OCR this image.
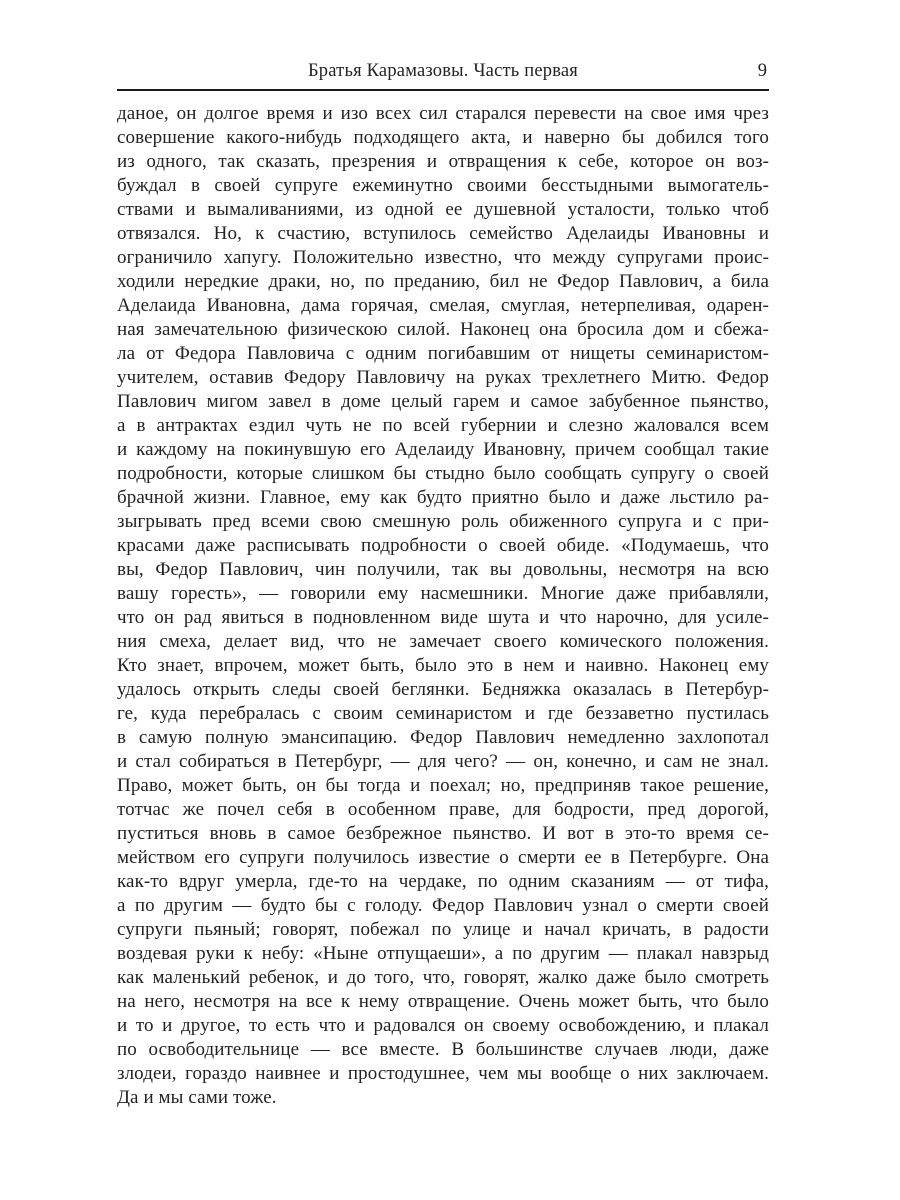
Братья Карамазовы. Часть первая	9
даное, он долгое время и изо всех сил старался перевести на свое имя чрез
совершение какого-нибудь подходящего акта, и наверно бы добился того
из одного, так сказать, презрения и отвращения к себе, которое он воз-
буждал в своей супруге ежеминутно своими бесстыдными вымогатель-
ствами и вымаливаниями, из одной ее душевной усталости, только чтоб
отвязался. Но, к счастию, вступилось семейство Аделаиды Ивановны и
ограничило хапугу. Положительно известно, что между супругами проис-
ходили нередкие драки, но, по преданию, бил не Федор Павлович, а била
Аделаида Ивановна, дама горячая, смелая, смуглая, нетерпеливая, одарен-
ная замечательною физическою силой. Наконец она бросила дом и сбежа-
ла от Федора Павловича с одним погибавшим от нищеты семинаристом-
учителем, оставив Федору Павловичу на руках трехлетнего Митю. Федор
Павлович мигом завел в доме целый гарем и самое забубенное пьянство,
а в антрактах ездил чуть не по всей губернии и слезно жаловался всем
и каждому на покинувшую его Аделаиду Ивановну, причем сообщал такие
подробности, которые слишком бы стыдно было сообщать супругу о своей
брачной жизни. Главное, ему как будто приятно было и даже льстило ра-
зыгрывать пред всеми свою смешную роль обиженного супруга и с при-
красами даже расписывать подробности о своей обиде. «Подумаешь, что
вы, Федор Павлович, чин получили, так вы довольны, несмотря на всю
вашу горесть», — говорили ему насмешники. Многие даже прибавляли,
что он рад явиться в подновленном виде шута и что нарочно, для усиле-
ния смеха, делает вид, что не замечает своего комического положения.
Кто знает, впрочем, может быть, было это в нем и наивно. Наконец ему
удалось открыть следы своей беглянки. Бедняжка оказалась в Петербур-
ге, куда перебралась с своим семинаристом и где беззаветно пустилась
в самую полную эмансипацию. Федор Павлович немедленно захлопотал
и стал собираться в Петербург, — для чего? — он, конечно, и сам не знал.
Право, может быть, он бы тогда и поехал; но, предприняв такое решение,
тотчас же почел себя в особенном праве, для бодрости, пред дорогой,
пуститься вновь в самое безбрежное пьянство. И вот в это-то время се-
мейством его супруги получилось известие о смерти ее в Петербурге. Она
как-то вдруг умерла, где-то на чердаке, по одним сказаниям — от тифа,
а по другим — будто бы с голоду. Федор Павлович узнал о смерти своей
супруги пьяный; говорят, побежал по улице и начал кричать, в радости
воздевая руки к небу: «Ныне отпущаеши», а по другим — плакал навзрыд
как маленький ребенок, и до того, что, говорят, жалко даже было смотреть
на него, несмотря на все к нему отвращение. Очень может быть, что было
и то и другое, то есть что и радовался он своему освобождению, и плакал
по освободительнице — все вместе. В большинстве случаев люди, даже
злодеи, гораздо наивнее и простодушнее, чем мы вообще о них заключаем.
Да и мы сами тоже.
